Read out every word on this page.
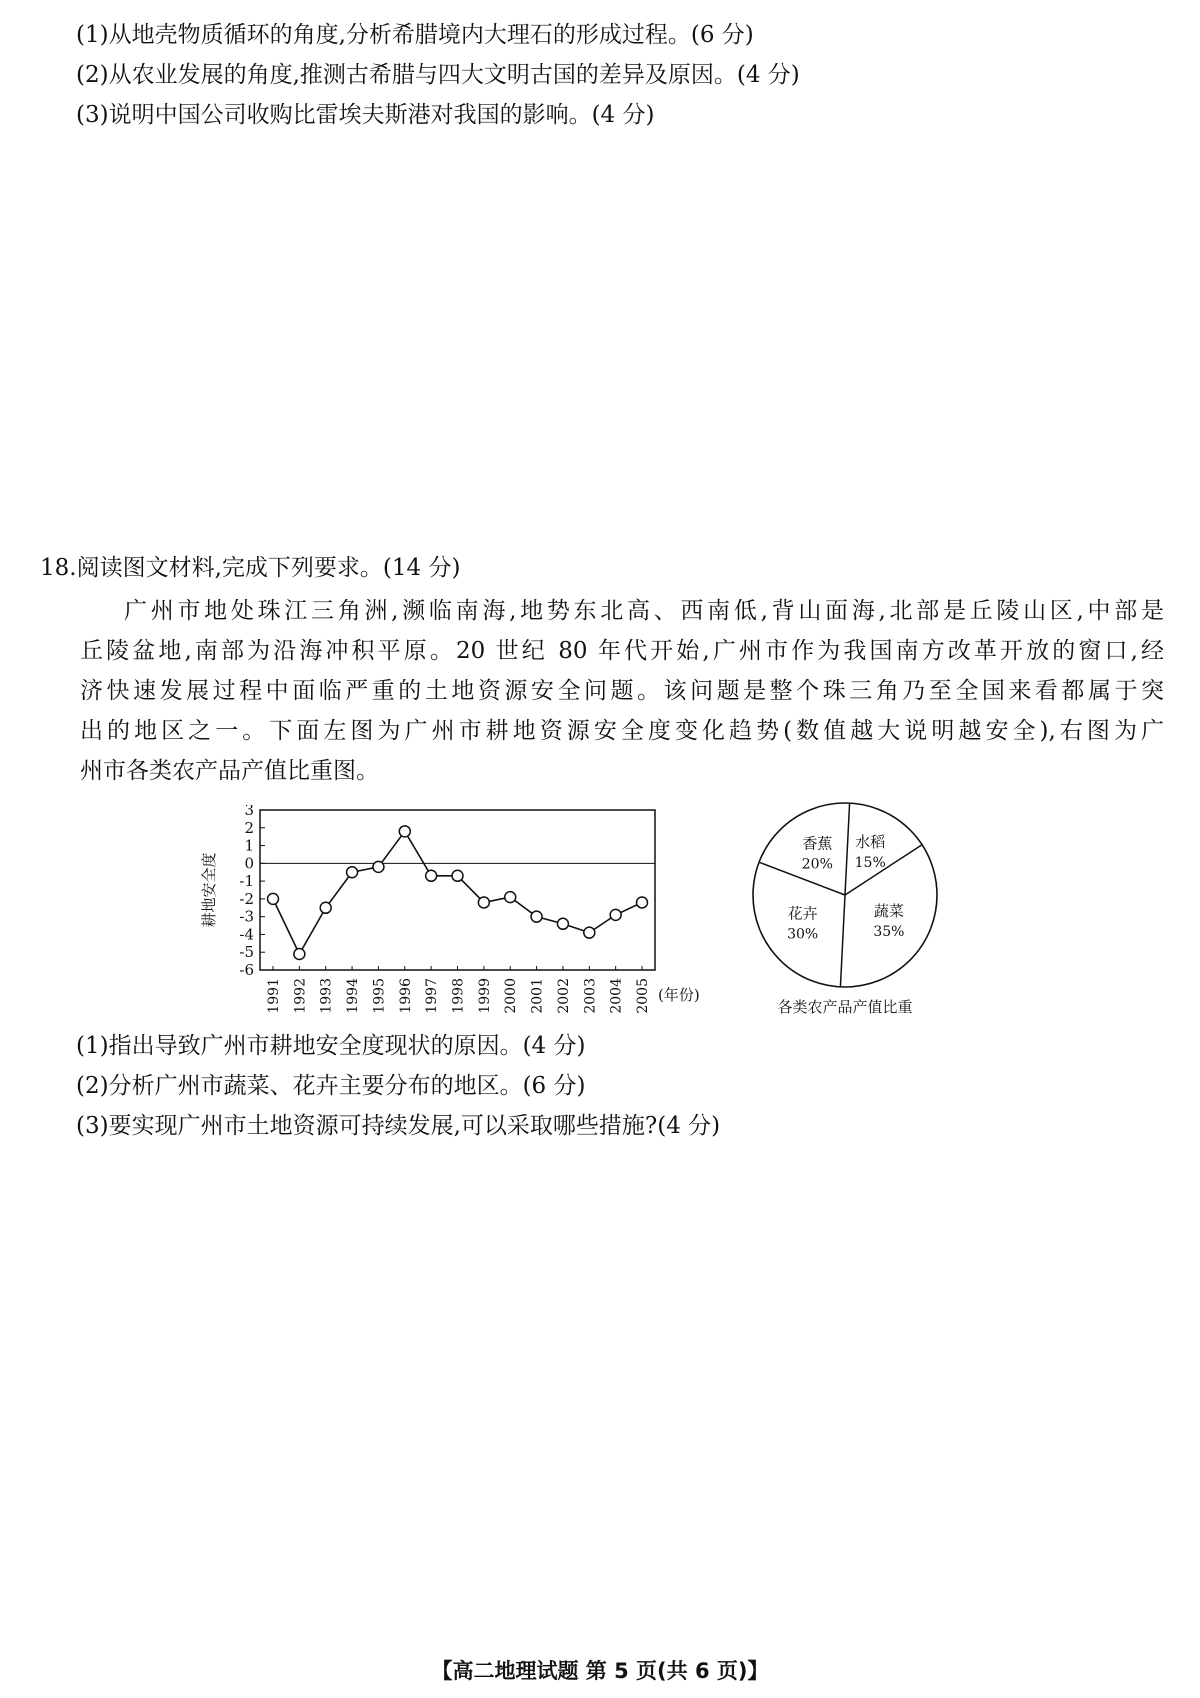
(1)从地壳物质循环的角度,分析希腊境内大理石的形成过程。(6 分)
(2)从农业发展的角度,推测古希腊与四大文明古国的差异及原因。(4 分)
(3)说明中国公司收购比雷埃夫斯港对我国的影响。(4 分)
18.阅读图文材料,完成下列要求。(14 分)
广州市地处珠江三角洲,濒临南海,地势东北高、西南低,背山面海,北部是丘陵山区,中部是
丘陵盆地,南部为沿海冲积平原。20 世纪 80 年代开始,广州市作为我国南方改革开放的窗口,经
济快速发展过程中面临严重的土地资源安全问题。该问题是整个珠三角乃至全国来看都属于突
出的地区之一。下面左图为广州市耕地资源安全度变化趋势(数值越大说明越安全),右图为广
州市各类农产品产值比重图。
3
2
1
0
-1
-2
-3
-4
-5
-6
1991 1992 1993 1994 1995 1996 1997 1998 1999 2000 2001 2002 2003 2004 2005
耕地安全度
(年份)
水稻
15%
蔬菜
35%
花卉
30%
香蕉
20%
各类农产品产值比重
(1)指出导致广州市耕地安全度现状的原因。(4 分)
(2)分析广州市蔬菜、花卉主要分布的地区。(6 分)
(3)要实现广州市土地资源可持续发展,可以采取哪些措施?(4 分)
【高二地理试题 第 5 页(共 6 页)】
